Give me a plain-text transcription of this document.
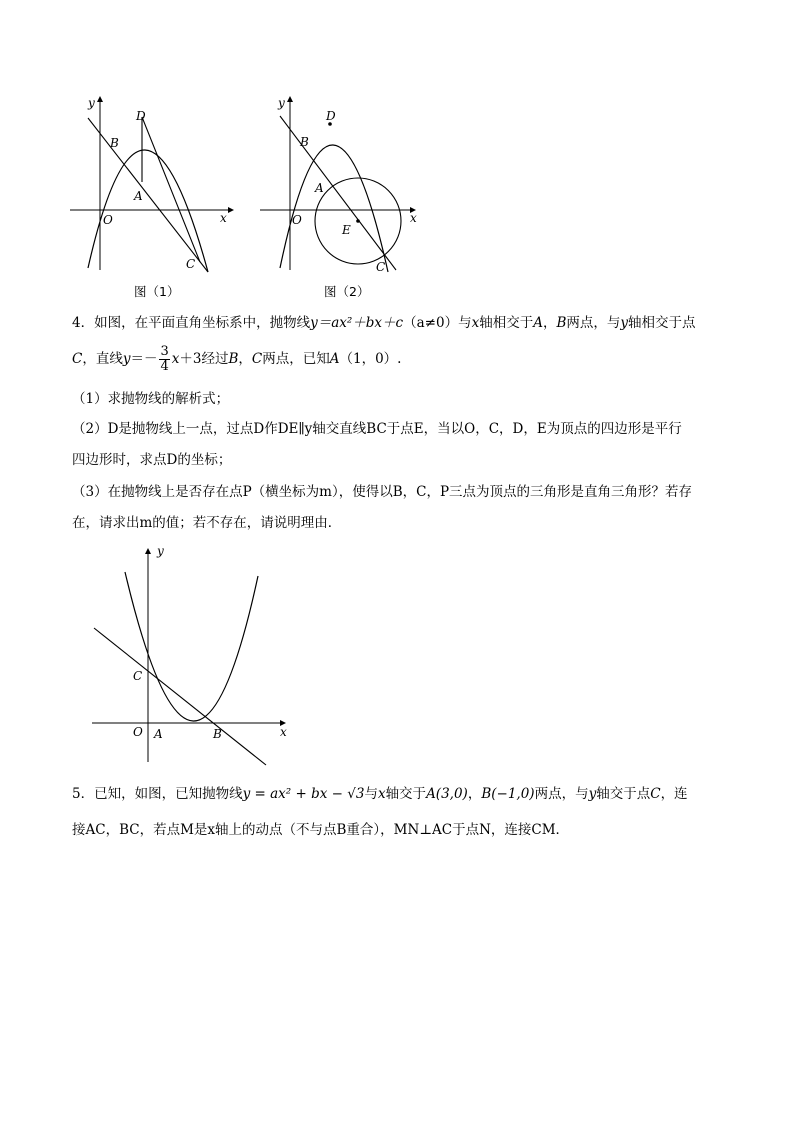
y
x
O
A
B
C
D
图（1）
y
x
O
A
B
C
D
E
图（2）
4．如图，在平面直角坐标系中，抛物线y＝ax²＋bx＋c（a≠0）与x轴相交于A，B两点，与y轴相交于点
C，直线$y=- \frac{3}{4} x+3$经过B，C两点，已知A（1，0）.
（1）求抛物线的解析式；
（2）D是抛物线上一点，过点D作DE∥y轴交直线BC于点E，当以O，C，D，E为顶点的四边形是平行
四边形时，求点D的坐标；
（3）在抛物线上是否存在点P（横坐标为m），使得以B，C，P三点为顶点的三角形是直角三角形？若存
在，请求出m的值；若不存在，请说明理由．
y
x
O A	B
C
5．已知，如图，已知抛物线y = ax² + bx − √3与x轴交于A(3,0)，B(−1,0)两点，与y轴交于点C，连
接AC，BC，若点M是x轴上的动点（不与点B重合），MN⊥AC于点N，连接CM．
